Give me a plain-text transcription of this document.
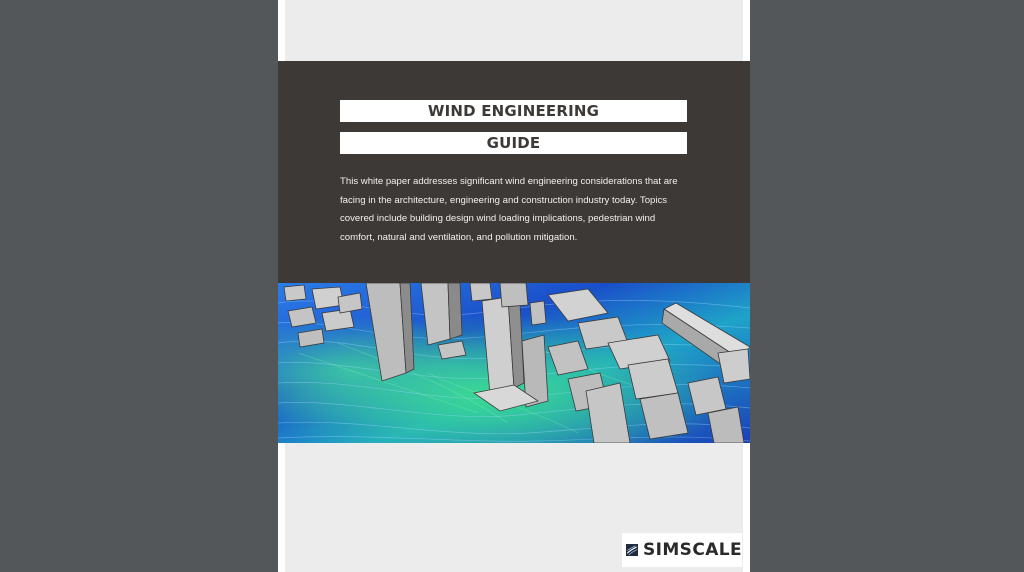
WIND ENGINEERING
GUIDE
This white paper addresses significant wind engineering considerations that are facing in the architecture, engineering and construction industry today. Topics covered include building design wind loading implications, pedestrian wind comfort, natural and ventilation, and pollution mitigation.
SIMSCALE
